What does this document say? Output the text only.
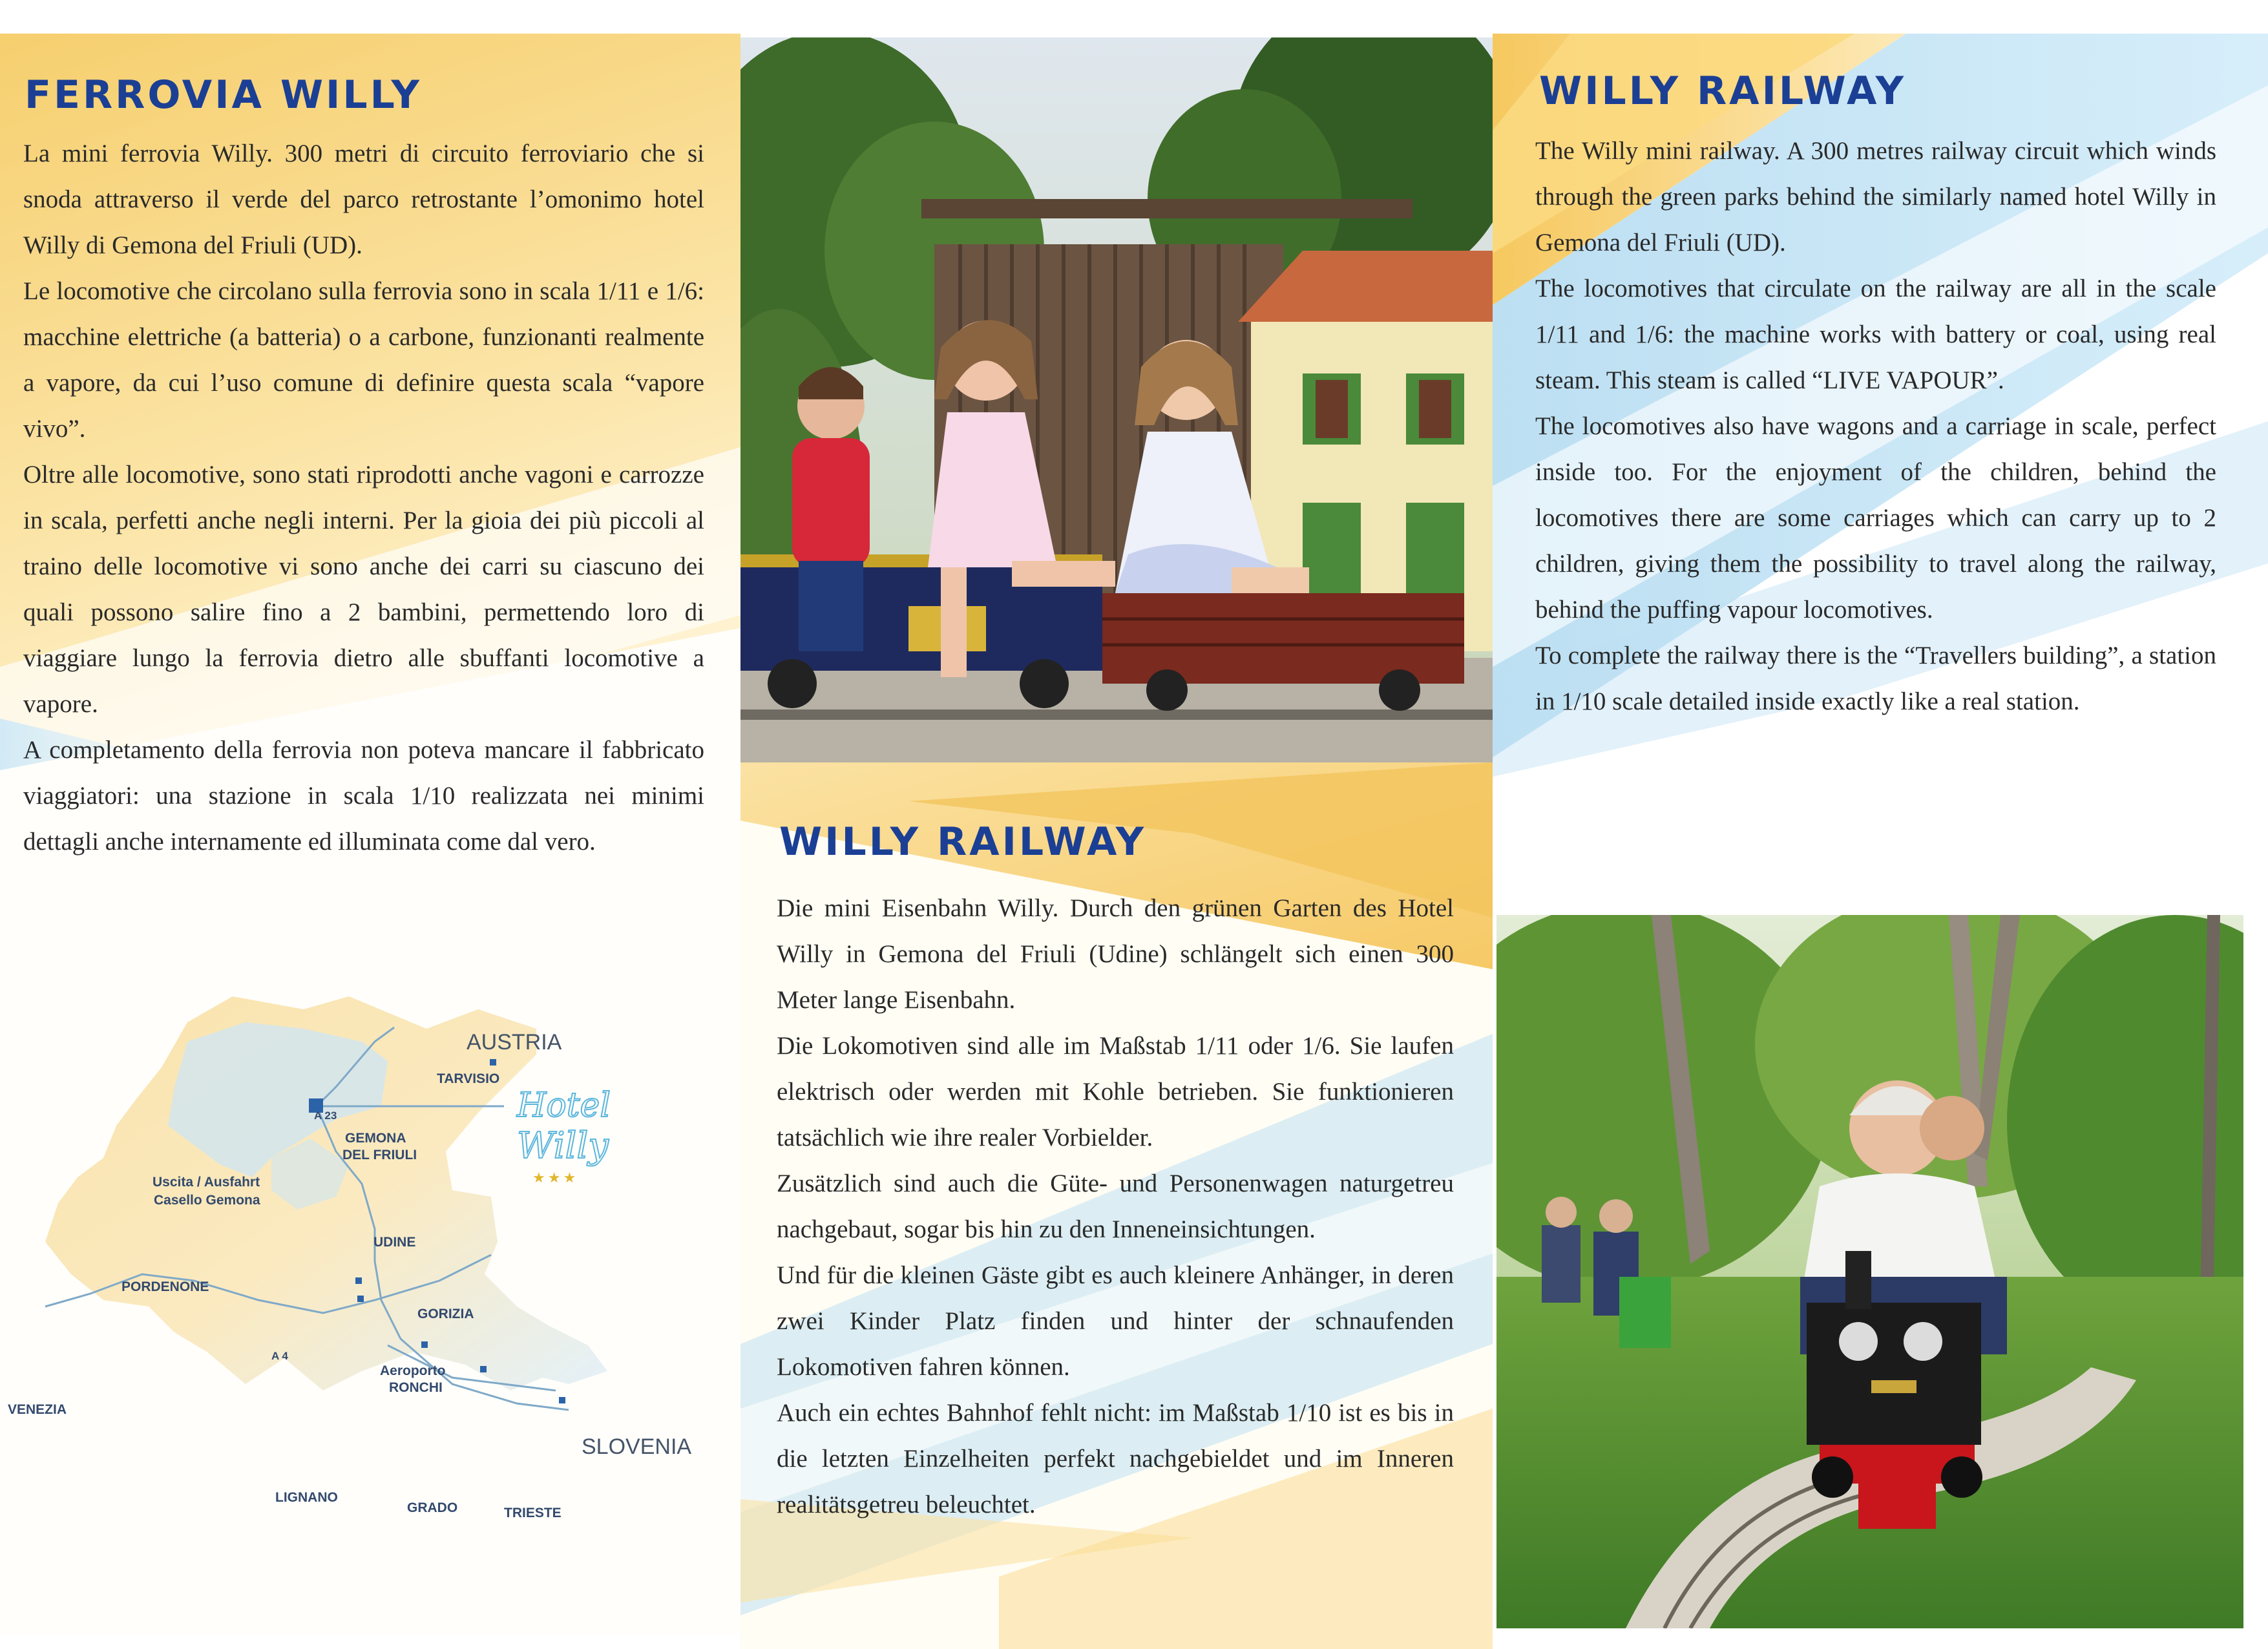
FERROVIA WILLY

La mini ferrovia Willy. 300 metri di circuito ferroviario che si snoda attraverso il verde del parco retrostante l’omonimo hotel Willy di Gemona del Friuli (UD).

Le locomotive che circolano sulla ferrovia sono in scala 1/11 e 1/6: macchine elettriche (a batteria) o a carbone, funzionanti realmente a vapore, da cui l’uso comune di definire questa scala “vapore vivo”.

Oltre alle locomotive, sono stati riprodotti anche vagoni e carrozze in scala, perfetti anche negli interni. Per la gioia dei più piccoli al traino delle locomotive vi sono anche dei carri su ciascuno dei quali possono salire fino a 2 bambini, permettendo loro di viaggiare lungo la ferrovia dietro alle sbuffanti locomotive a vapore.

A completamento della ferrovia non poteva mancare il fabbricato viaggiatori: una stazione in scala 1/10 realizzata nei minimi dettagli anche internamente ed illuminata come dal vero.

AUSTRIA
SLOVENIA
VENEZIA
TARVISIO
A 23
GEMONA
DEL FRIULI
Uscita / Ausfahrt
Casello Gemona
UDINE
PORDENONE
GORIZIA
A 4
Aeroporto
RONCHI
LIGNANO
GRADO	TRIESTE
Hotel
Willy
★★★
WILLY RAILWAY

Die mini Eisenbahn Willy. Durch den grünen Garten des Hotel Willy in Gemona del Friuli (Udine) schlängelt sich einen 300 Meter lange Eisenbahn.

Die Lokomotiven sind alle im Maßstab 1/11 oder 1/6. Sie laufen elektrisch oder werden mit Kohle betrieben. Sie funktionieren tatsächlich wie ihre realer Vorbielder.

Zusätzlich sind auch die Güte- und Personenwagen naturgetreu nachgebaut, sogar bis hin zu den Inneneinsichtungen.

Und für die kleinen Gäste gibt es auch kleinere Anhänger, in deren zwei Kinder Platz finden und hinter der schnaufenden Lokomotiven fahren können.

Auch ein echtes Bahnhof fehlt nicht: im Maßstab 1/10 ist es bis in die letzten Einzelheiten perfekt nachgebieldet und im Inneren realitätsgetreu beleuchtet.

WILLY RAILWAY

The Willy mini railway. A 300 metres railway circuit which winds through the green parks behind the similarly named hotel Willy in Gemona del Friuli (UD).

The locomotives that circulate on the railway are all in the scale 1/11 and 1/6: the machine works with battery or coal, using real steam. This steam is called “LIVE VAPOUR”.

The locomotives also have wagons and a carriage in scale, perfect inside too. For the enjoyment of the children, behind the locomotives there are some carriages which can carry up to 2 children, giving them the possibility to travel along the railway, behind the puffing vapour locomotives.

To complete the railway there is the “Travellers building”, a station in 1/10 scale detailed inside exactly like a real station.
